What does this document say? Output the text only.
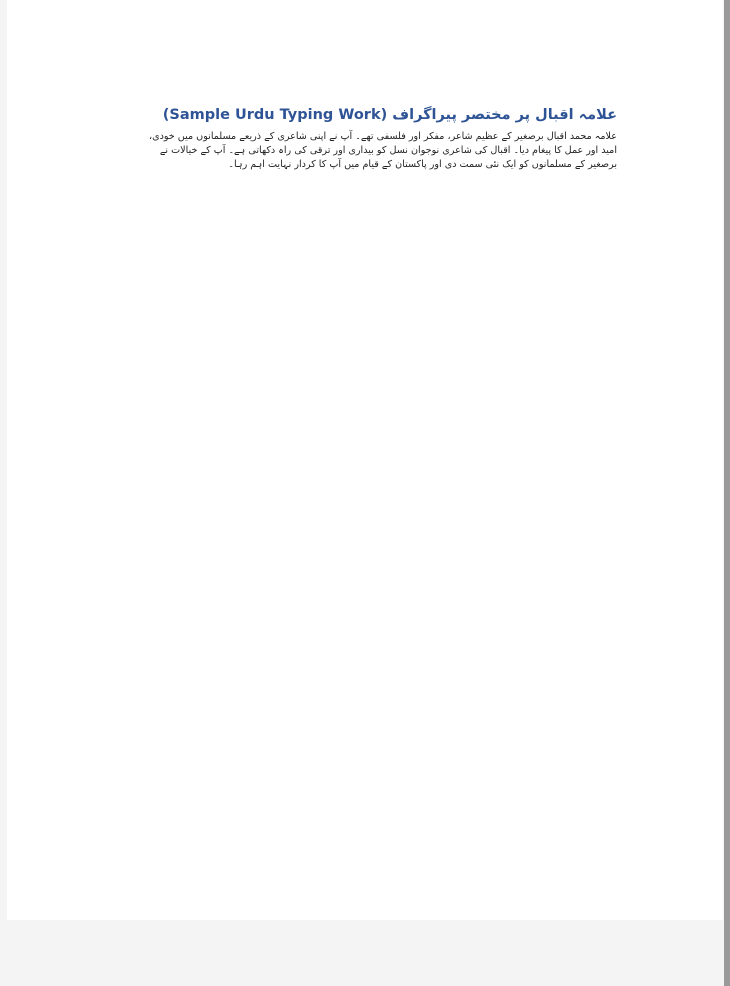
علامہ اقبال پر مختصر پیراگراف (Sample Urdu Typing Work)

علامہ محمد اقبال برصغیر کے عظیم شاعر، مفکر اور فلسفی تھے۔ آپ نے اپنی شاعری کے ذریعے مسلمانوں میں خودی،
امید اور عمل کا پیغام دیا۔ اقبال کی شاعری نوجوان نسل کو بیداری اور ترقی کی راہ دکھاتی ہے۔ آپ کے خیالات نے
برصغیر کے مسلمانوں کو ایک نئی سمت دی اور پاکستان کے قیام میں آپ کا کردار نہایت اہم رہا۔
